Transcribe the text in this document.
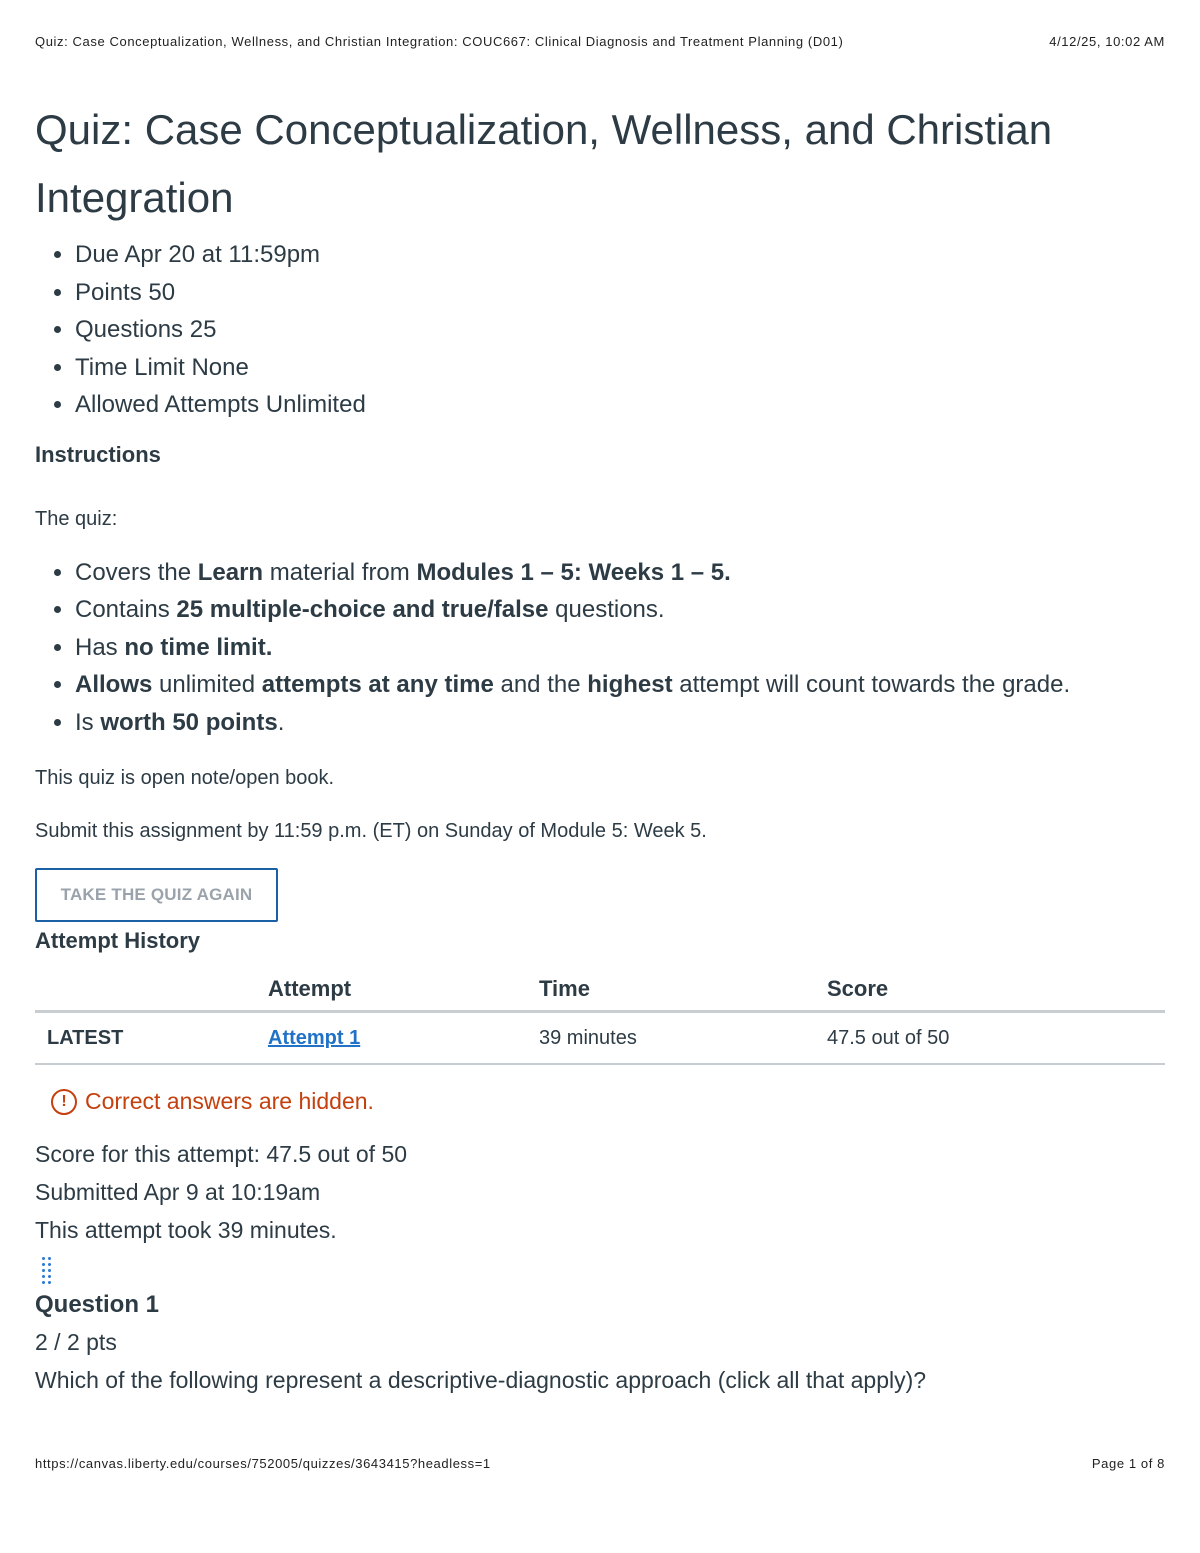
Quiz: Case Conceptualization, Wellness, and Christian Integration: COUC667: Clinical Diagnosis and Treatment Planning (D01)	4/12/25, 10:02 AM
Quiz: Case Conceptualization, Wellness, and Christian Integration
• Due Apr 20 at 11:59pm
• Points 50
• Questions 25
• Time Limit None
• Allowed Attempts Unlimited
Instructions
The quiz:
• Covers the Learn material from Modules 1 – 5: Weeks 1 – 5.
• Contains 25 multiple-choice and true/false questions.
• Has no time limit.
• Allows unlimited attempts at any time and the highest attempt will count towards the grade.
• Is worth 50 points.
This quiz is open note/open book.
Submit this assignment by 11:59 p.m. (ET) on Sunday of Module 5: Week 5.
TAKE THE QUIZ AGAIN
Attempt History
	Attempt	Time	Score
LATEST	Attempt 1	39 minutes	47.5 out of 50
! Correct answers are hidden.
Score for this attempt: 47.5 out of 50
Submitted Apr 9 at 10:19am
This attempt took 39 minutes.
Question 1
2 / 2 pts
Which of the following represent a descriptive-diagnostic approach (click all that apply)?
https://canvas.liberty.edu/courses/752005/quizzes/3643415?headless=1	Page 1 of 8
